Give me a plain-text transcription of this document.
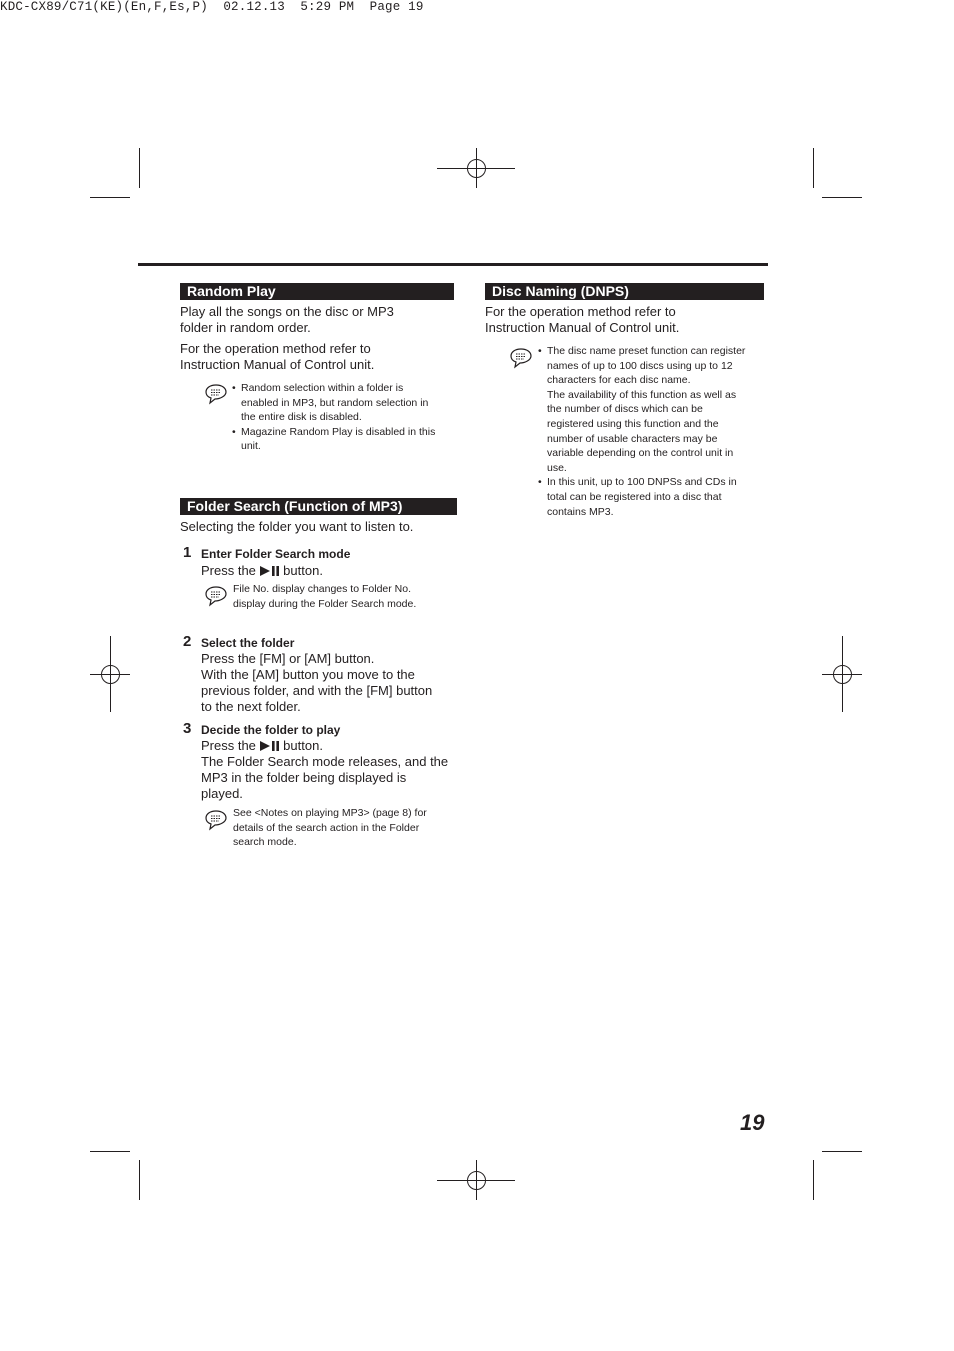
KDC-CX89/C71(KE)(En,F,Es,P)  02.12.13  5:29 PM  Page 19
Random Play

Play all the songs on the disc or MP3 folder in random order.

For the operation method refer to Instruction Manual of Control unit.

• Random selection within a folder is enabled in MP3, but random selection in the entire disk is disabled.
• Magazine Random Play is disabled in this unit.
Folder Search (Function of MP3)
Selecting the folder you want to listen to.
1 Enter Folder Search mode
Press the button.
File No. display changes to Folder No. display during the Folder Search mode.
2 Select the folder

Press the [FM] or [AM] button.

With the [AM] button you move to the previous folder, and with the [FM] button to the next folder.

3 Decide the folder to play

Press the button.

The Folder Search mode releases, and the MP3 in the folder being displayed is played.

See <Notes on playing MP3> (page 8) for details of the search action in the Folder search mode.
Disc Naming (DNPS)
For the operation method refer to Instruction Manual of Control unit.
• The disc name preset function can register names of up to 100 discs using up to 12 characters for each disc name.
The availability of this function as well as the number of discs which can be registered using this function and the number of usable characters may be variable depending on the control unit in use.
• In this unit, up to 100 DNPSs and CDs in total can be registered into a disc that contains MP3.
19
